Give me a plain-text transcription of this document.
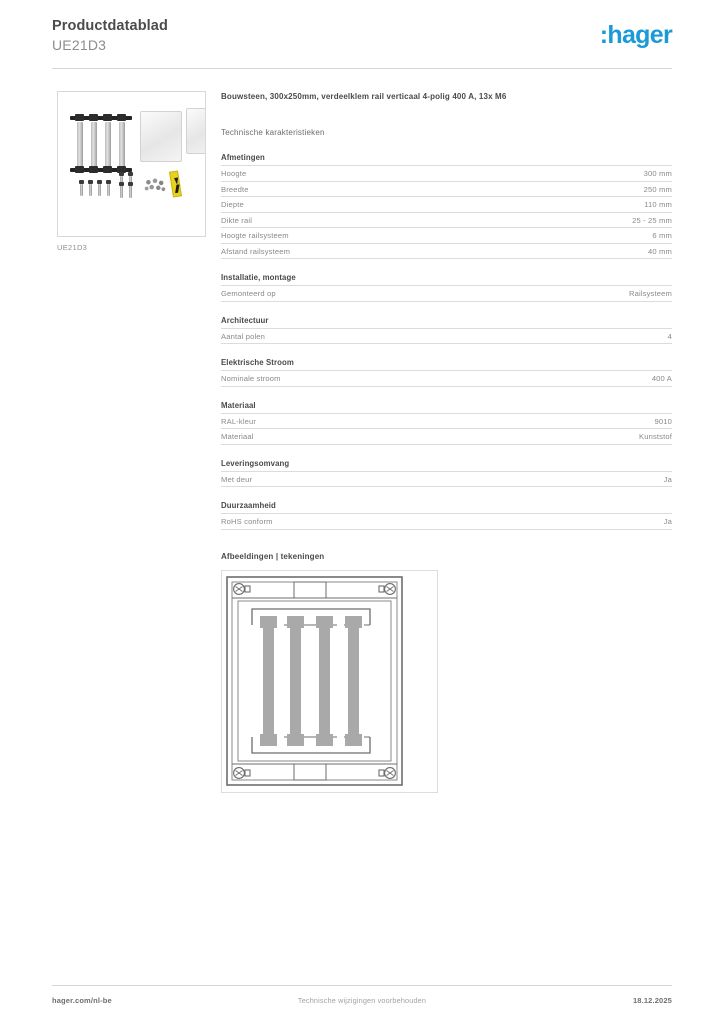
Productdatablad
UE21D3	:hager
UE21D3
Bouwsteen, 300x250mm, verdeelklem rail verticaal 4-polig 400 A, 13x M6
Technische karakteristieken
Afmetingen
Hoogte	300 mm
Breedte	250 mm
Diepte	110 mm
Dikte rail	25 - 25 mm
Hoogte railsysteem	6 mm
Afstand railsysteem	40 mm
Installatie, montage
Gemonteerd op	Railsysteem
Architectuur
Aantal polen	4
Elektrische Stroom
Nominale stroom	400 A
Materiaal
RAL-kleur	9010
Materiaal	Kunststof
Leveringsomvang
Met deur	Ja
Duurzaamheid
RoHS conform	Ja
Afbeeldingen | tekeningen
hager.com/nl-be	Technische wijzigingen voorbehouden	18.12.2025
